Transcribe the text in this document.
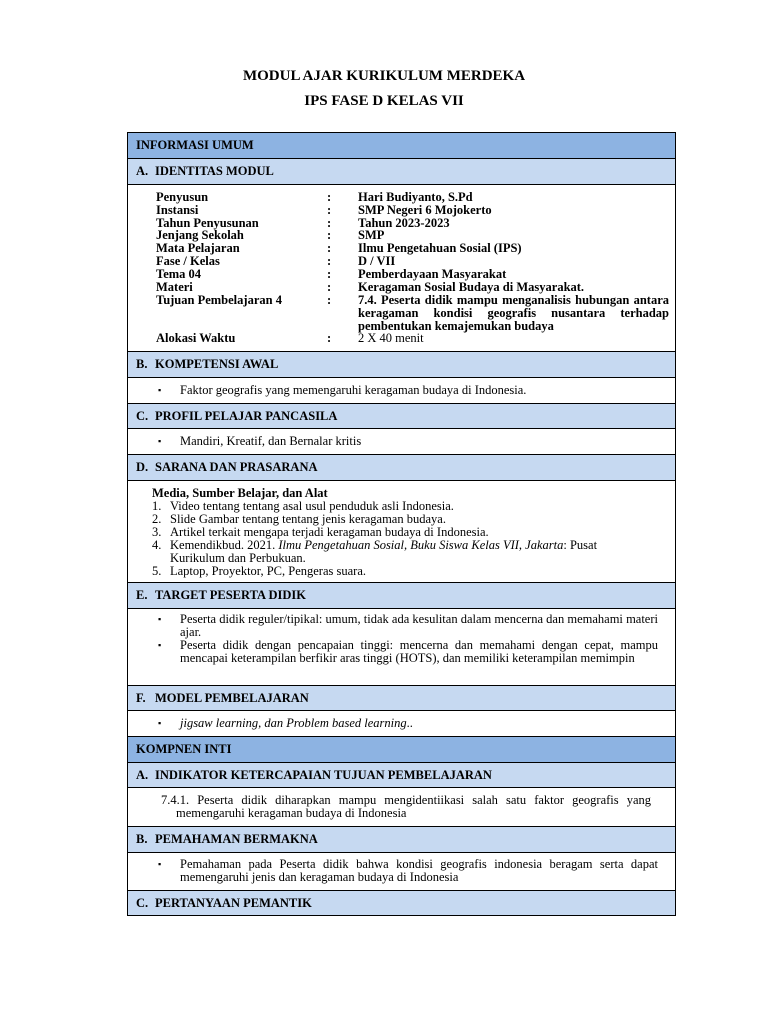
MODUL AJAR KURIKULUM MERDEKA
IPS FASE D KELAS VII
INFORMASI UMUM
A. IDENTITAS MODUL
Penyusun	: Hari Budiyanto, S.Pd
Instansi	: SMP Negeri 6 Mojokerto
Tahun Penyusunan	: Tahun 2023-2023
Jenjang Sekolah	: SMP
Mata Pelajaran	: Ilmu Pengetahuan Sosial (IPS)
Fase / Kelas	: D / VII
Tema 04	: Pemberdayaan Masyarakat
Materi	: Keragaman Sosial Budaya di Masyarakat.
Tujuan Pembelajaran 4	: 7.4. Peserta didik mampu menganalisis hubungan antara keragaman kondisi geografis nusantara terhadap pembentukan kemajemukan budaya
Alokasi Waktu	: 2 X 40 menit
B. KOMPETENSI AWAL
▪ Faktor geografis yang memengaruhi keragaman budaya di Indonesia.
C. PROFIL PELAJAR PANCASILA
▪ Mandiri, Kreatif, dan Bernalar kritis
D. SARANA DAN PRASARANA
Media, Sumber Belajar, dan Alat
1. Video tentang tentang asal usul penduduk asli Indonesia.
2. Slide Gambar tentang tentang jenis keragaman budaya.
3. Artikel terkait mengapa terjadi keragaman budaya di Indonesia.
4. Kemendikbud. 2021. Ilmu Pengetahuan Sosial, Buku Siswa Kelas VII, Jakarta: Pusat
Kurikulum dan Perbukuan.
5. Laptop, Proyektor, PC, Pengeras suara.
E. TARGET PESERTA DIDIK
▪ Peserta didik reguler/tipikal: umum, tidak ada kesulitan dalam mencerna dan memahami materi ajar.
▪ Peserta didik dengan pencapaian tinggi: mencerna dan memahami dengan cepat, mampu mencapai keterampilan berfikir aras tinggi (HOTS), dan memiliki keterampilan memimpin
F. MODEL PEMBELAJARAN
▪ jigsaw learning, dan Problem based learning..
KOMPNEN INTI
A. INDIKATOR KETERCAPAIAN TUJUAN PEMBELAJARAN
7.4.1. Peserta didik diharapkan mampu mengidentiikasi salah satu faktor geografis yang memengaruhi keragaman budaya di Indonesia
B. PEMAHAMAN BERMAKNA
▪ Pemahaman pada Peserta didik bahwa kondisi geografis indonesia beragam serta dapat memengaruhi jenis dan keragaman budaya di Indonesia
C. PERTANYAAN PEMANTIK
